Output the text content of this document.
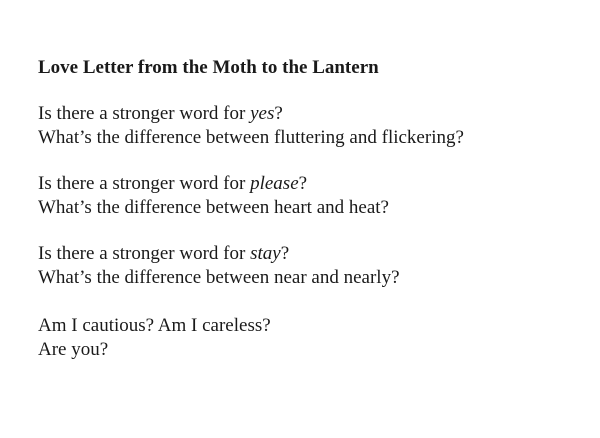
Love Letter from the Moth to the Lantern
Is there a stronger word for yes?
What’s the difference between fluttering and flickering?
Is there a stronger word for please?
What’s the difference between heart and heat?
Is there a stronger word for stay?
What’s the difference between near and nearly?
Am I cautious? Am I careless?
Are you?
